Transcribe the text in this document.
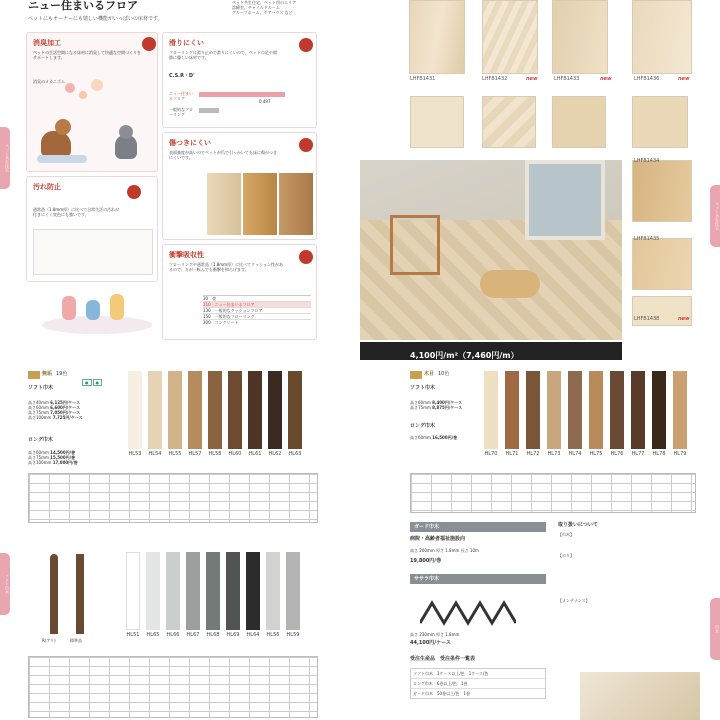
ペット共生住宅
ソフト巾木
ペット共生住宅
巾木
ニュー住まいるフロア
ペットにもオーナーにも嬉しい機能がいっぱいの床材です。
ペット共生住宅、ペット用のエリア
診療室、チャイルドルーム
グループホーム、ケアハウス など
消臭加工
ペットの生活空間になる床材に消臭して快適な空間づくりをサポートします。
消臭のメカニズム
滑りにくい
フローリングは滑り止めで滑りにくいので、ペットの足や関節に優しい床材です。
C.S.R・D'
ニュー住まいるフロア
0.497
一般的なフローリング
傷つきにくい
表面強度が高いのでペットが爪で引っかいても床に傷がつきにくいです。
汚れ防止
通常品（1.8mm厚）に比べて日常生活の汚れが付きにくく変色にも強いです。
衝撃吸収性
フローリングや通常品（1.8mm厚）に比べてクッション性があるので、万が一転んでも衝撃を和らげます。
30　 畳
110　 ニュー住まいるフロア
130　 一般的なクッションフロア
150　 一般的なフローリング
300　 コンクリート
LHF81431	LHF81432	new	LHF81433	new	LHF81436	new
4,100円/m²（7,460円/m）
LHF81434
LHF81435
LHF81438	new
無垢 19色
● ●
ソフト巾木
高さ40mm 6,125円/ケース
高さ60mm 6,600円/ケース
高さ75mm 7,050円/ケース
高さ100mm 7,725円/ケース
ロング巾木
高さ60mm 14,500円/巻
高さ75mm 15,500円/巻
高さ100mm 17,000円/巻
HL53	HL54	HL55	HL57	HL58	HL60	HL61	HL62	HL63
木目 10色
ソフト巾木
高さ60mm 8,400円/ケース
高さ75mm 8,875円/ケース
ロング巾木
高さ60mm 16,500円/巻
HL70	HL71	HL72	HL73	HL74	HL75	HL76	HL77	HL78	HL79
R(アリ)	標準品
HL51	HL65	HL66	HL67	HL68	HL69	HL64	HL56	HL59
ガード巾木
病院・高齢者福祉施設向
高さ 200mm 厚さ 1.8mm 長さ 10m
19,800円/巻
ササラ巾木
高さ 230mm 厚さ 1.8mm
44,100円/ケース
受注生産品　受注条件一覧表
ソフト巾木　 1ケース以上/色　 1ケース/色
ロング巾木　 6巻以上/色　 1巻
ガード巾木　 50巻以上/色　 1巻
取り扱いについて
【巾木】
【のり】
【メンテナンス】
